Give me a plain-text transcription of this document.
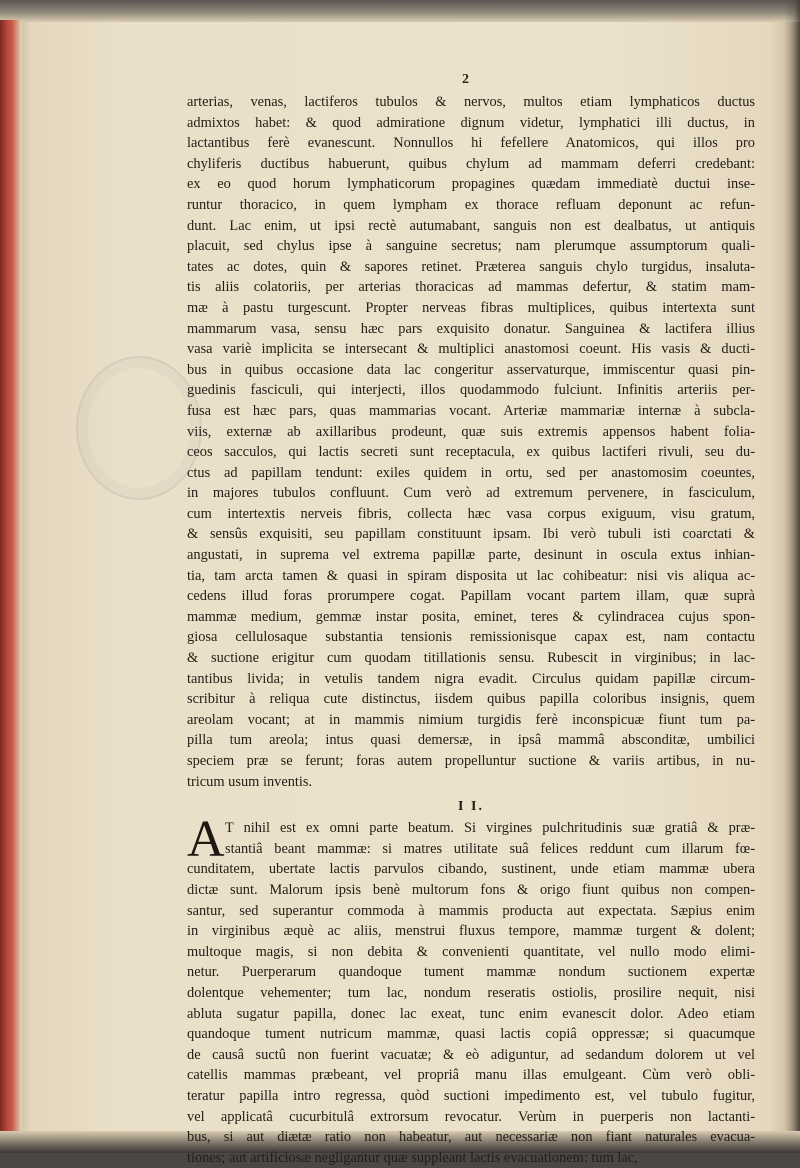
2
arterias, venas, lactiferos tubulos & nervos, multos etiam lymphaticos ductus
admixtos habet: & quod admiratione dignum videtur, lymphatici illi ductus, in
lactantibus ferè evanescunt. Nonnullos hi fefellere Anatomicos, qui illos pro
chyliferis ductibus habuerunt, quibus chylum ad mammam deferri credebant:
ex eo quod horum lymphaticorum propagines quædam immediatè ductui inse-
runtur thoracico, in quem lympham ex thorace refluam deponunt ac refun-
dunt. Lac enim, ut ipsi rectè autumabant, sanguis non est dealbatus, ut antiquis
placuit, sed chylus ipse à sanguine secretus; nam plerumque assumptorum quali-
tates ac dotes, quin & sapores retinet. Præterea sanguis chylo turgidus, insaluta-
tis aliis colatoriis, per arterias thoracicas ad mammas defertur, & statim mam-
mæ à pastu turgescunt. Propter nerveas fibras multiplices, quibus intertexta sunt
mammarum vasa, sensu hæc pars exquisito donatur. Sanguinea & lactifera illius
vasa variè implicita se intersecant & multiplici anastomosi coeunt. His vasis & ducti-
bus in quibus occasione data lac congeritur asservaturque, immiscentur quasi pin-
guedinis fasciculi, qui interjecti, illos quodammodo fulciunt. Infinitis arteriis per-
fusa est hæc pars, quas mammarias vocant. Arteriæ mammariæ internæ à subcla-
viis, externæ ab axillaribus prodeunt, quæ suis extremis appensos habent folia-
ceos sacculos, qui lactis secreti sunt receptacula, ex quibus lactiferi rivuli, seu du-
ctus ad papillam tendunt: exiles quidem in ortu, sed per anastomosim coeuntes,
in majores tubulos confluunt. Cum verò ad extremum pervenere, in fasciculum,
cum intertextis nerveis fibris, collecta hæc vasa corpus exiguum, visu gratum,
& sensûs exquisiti, seu papillam constituunt ipsam. Ibi verò tubuli isti coarctati &
angustati, in suprema vel extrema papillæ parte, desinunt in oscula extus inhian-
tia, tam arcta tamen & quasi in spiram disposita ut lac cohibeatur: nisi vis aliqua ac-
cedens illud foras prorumpere cogat. Papillam vocant partem illam, quæ suprà
mammæ medium, gemmæ instar posita, eminet, teres & cylindracea cujus spon-
giosa cellulosaque substantia tensionis remissionisque capax est, nam contactu
& suctione erigitur cum quodam titillationis sensu. Rubescit in virginibus; in lac-
tantibus livida; in vetulis tandem nigra evadit. Circulus quidam papillæ circum-
scribitur à reliqua cute distinctus, iisdem quibus papilla coloribus insignis, quem
areolam vocant; at in mammis nimium turgidis ferè inconspicuæ fiunt tum pa-
pilla tum areola; intus quasi demersæ, in ipsâ mammâ absconditæ, umbilici
speciem præ se ferunt; foras autem propelluntur suctione & variis artibus, in nu-
tricum usum inventis.
I I.
A T nihil est ex omni parte beatum. Si virgines pulchritudinis suæ gratiâ & præ-
stantiâ beant mammæ: si matres utilitate suâ felices reddunt cum illarum fœ-
cunditatem, ubertate lactis parvulos cibando, sustinent, unde etiam mammæ ubera
dictæ sunt. Malorum ipsis benè multorum fons & origo fiunt quibus non compen-
santur, sed superantur commoda à mammis producta aut expectata. Sæpius enim
in virginibus æquè ac aliis, menstrui fluxus tempore, mammæ turgent & dolent;
multoque magis, si non debita & convenienti quantitate, vel nullo modo elimi-
netur. Puerperarum quandoque tument mammæ nondum suctionem expertæ
dolentque vehementer; tum lac, nondum reseratis ostiolis, prosilire nequit, nisi
abluta sugatur papilla, donec lac exeat, tunc enim evanescit dolor. Adeo etiam
quandoque tument nutricum mammæ, quasi lactis copiâ oppressæ; si quacumque
de causâ suctû non fuerint vacuatæ; & eò adiguntur, ad sedandum dolorem ut vel
catellis mammas præbeant, vel propriâ manu illas emulgeant. Cùm verò obli-
teratur papilla intro regressa, quòd suctioni impedimento est, vel tubulo fugitur,
vel applicatâ cucurbitulâ extrorsum revocatur. Verùm in puerperis non lactanti-
bus, si aut diætæ ratio non habeatur, aut necessariæ non fiant naturales evacua-
tiones; aut artificiosæ negligantur quæ suppleant lactis evacuationem: tum lac,
